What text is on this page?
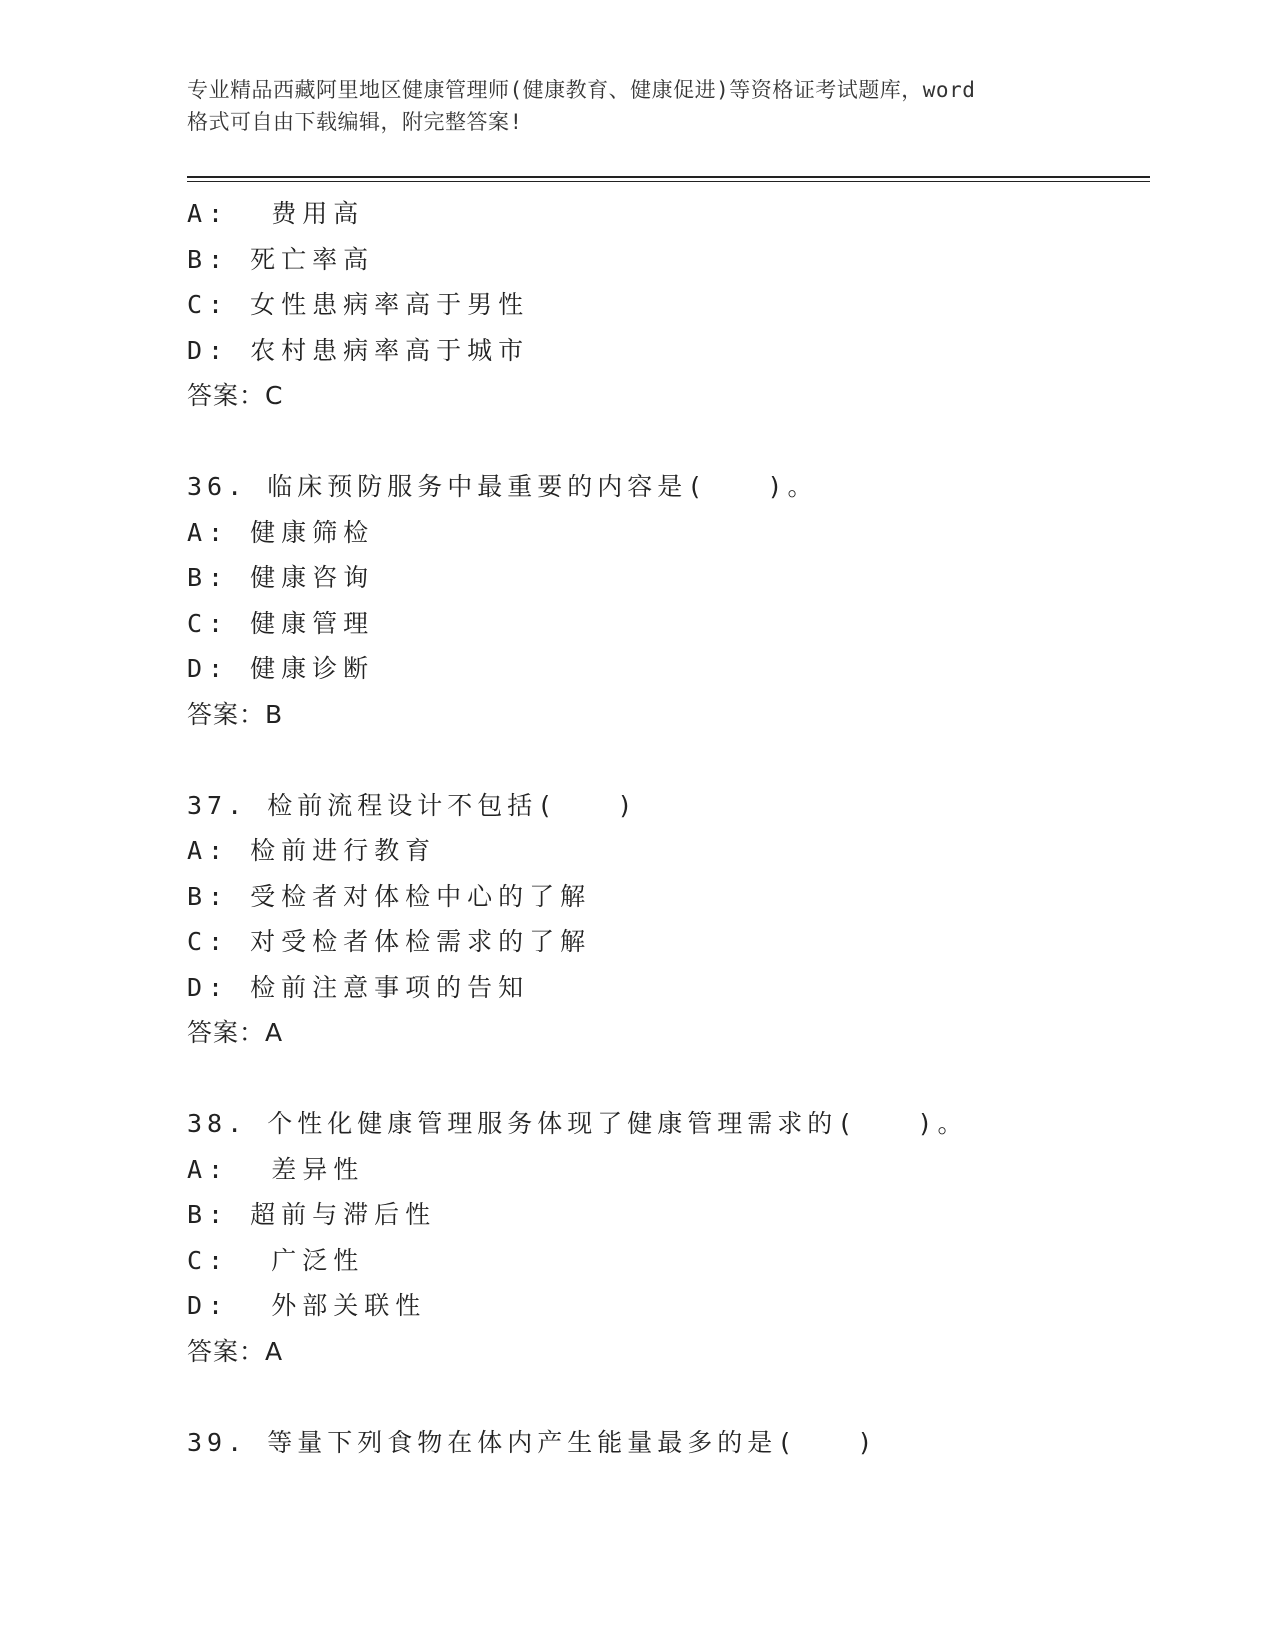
专业精品西藏阿里地区健康管理师(健康教育、健康促进)等资格证考试题库，word
格式可自由下载编辑，附完整答案!
A:  费用高
B: 死亡率高
C: 女性患病率高于男性
D: 农村患病率高于城市
答案：C
36. 临床预防服务中最重要的内容是(   )。
A: 健康筛检
B: 健康咨询
C: 健康管理
D: 健康诊断
答案：B
37. 检前流程设计不包括(   )
A: 检前进行教育
B: 受检者对体检中心的了解
C: 对受检者体检需求的了解
D: 检前注意事项的告知
答案：A
38. 个性化健康管理服务体现了健康管理需求的(   )。
A:  差异性
B: 超前与滞后性
C:  广泛性
D:  外部关联性
答案：A
39. 等量下列食物在体内产生能量最多的是(   )
